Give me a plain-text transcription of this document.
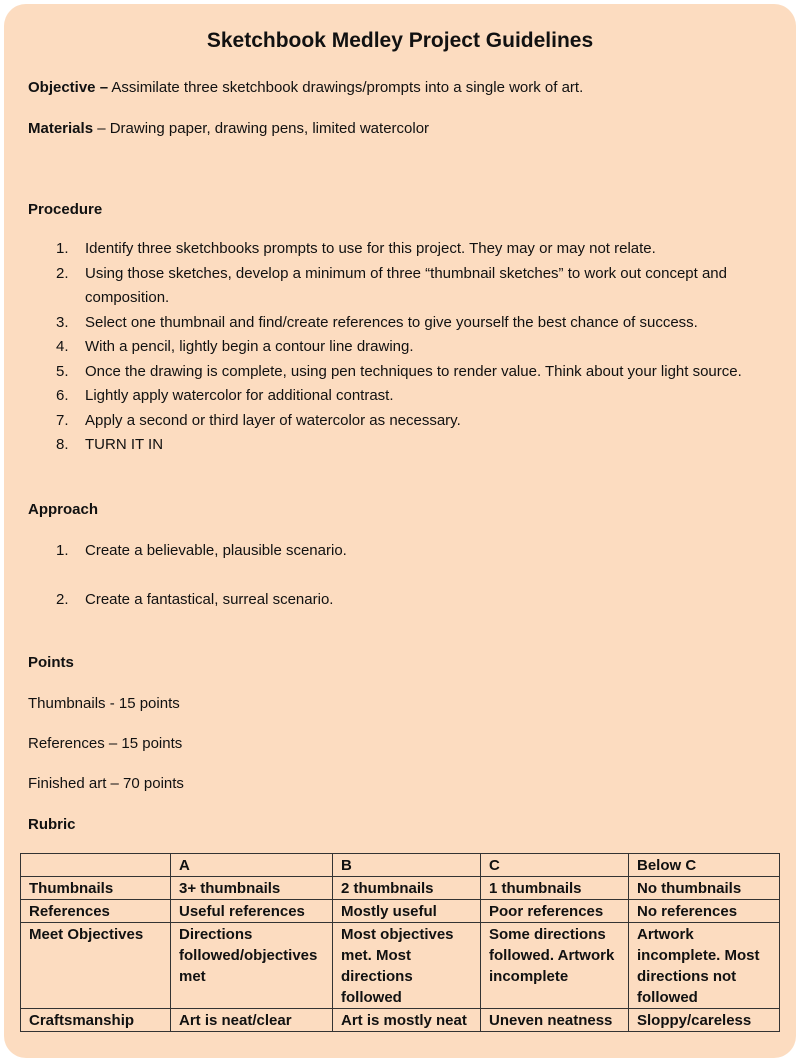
Sketchbook Medley Project Guidelines
Objective – Assimilate three sketchbook drawings/prompts into a single work of art.
Materials – Drawing paper, drawing pens, limited watercolor
Procedure
1. Identify three sketchbooks prompts to use for this project. They may or may not relate.
2. Using those sketches, develop a minimum of three “thumbnail sketches” to work out concept and composition.
3. Select one thumbnail and find/create references to give yourself the best chance of success.
4. With a pencil, lightly begin a contour line drawing.
5. Once the drawing is complete, using pen techniques to render value. Think about your light source.
6. Lightly apply watercolor for additional contrast.
7. Apply a second or third layer of watercolor as necessary.
8. TURN IT IN
Approach
1. Create a believable, plausible scenario.
2. Create a fantastical, surreal scenario.
Points
Thumbnails - 15 points
References – 15 points
Finished art – 70 points
Rubric
	A	B	C	Below C
Thumbnails	3+ thumbnails	2 thumbnails	1 thumbnails	No thumbnails
References	Useful references	Mostly useful	Poor references	No references
Meet Objectives	Directions followed/objectives met	Most objectives met. Most directions followed	Some directions followed. Artwork incomplete	Artwork incomplete. Most directions not followed
Craftsmanship	Art is neat/clear	Art is mostly neat	Uneven neatness	Sloppy/careless
